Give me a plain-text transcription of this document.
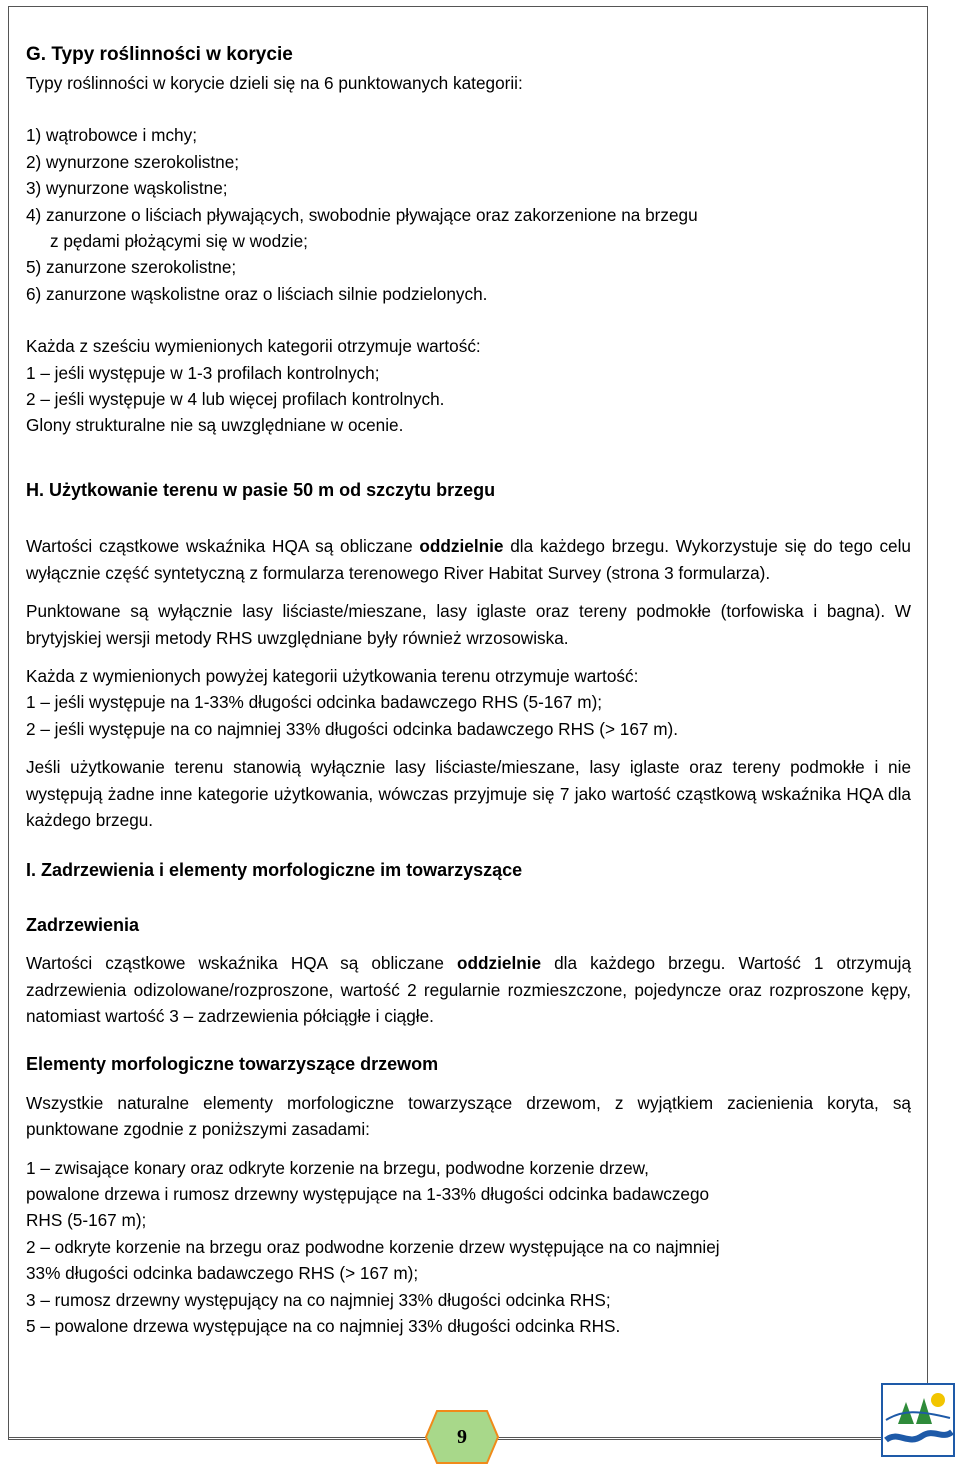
G. Typy roślinności w korycie

Typy roślinności w korycie dzieli się na 6 punktowanych kategorii:

1) wątrobowce i mchy;

2) wynurzone szerokolistne;

3) wynurzone wąskolistne;

4) zanurzone o liściach pływających, swobodnie pływające oraz zakorzenione na brzegu

z pędami płożącymi się w wodzie;

5) zanurzone szerokolistne;

6) zanurzone wąskolistne oraz o liściach silnie podzielonych.

Każda z sześciu wymienionych kategorii otrzymuje wartość:

1 – jeśli występuje w 1-3 profilach kontrolnych;

2 – jeśli występuje w 4 lub więcej profilach kontrolnych.

Glony strukturalne nie są uwzględniane w ocenie.

H. Użytkowanie terenu w pasie 50 m od szczytu brzegu

Wartości cząstkowe wskaźnika HQA są obliczane oddzielnie dla każdego brzegu. Wykorzystuje się do tego celu wyłącznie część syntetyczną z formularza terenowego River Habitat Survey (strona 3 formularza).

Punktowane są wyłącznie lasy liściaste/mieszane, lasy iglaste oraz tereny podmokłe (torfowiska i bagna). W brytyjskiej wersji metody RHS uwzględniane były również wrzosowiska.

Każda z wymienionych powyżej kategorii użytkowania terenu otrzymuje wartość:

1 – jeśli występuje na 1-33% długości odcinka badawczego RHS (5-167 m);

2 – jeśli występuje na co najmniej 33% długości odcinka badawczego RHS (> 167 m).

Jeśli użytkowanie terenu stanowią wyłącznie lasy liściaste/mieszane, lasy iglaste oraz tereny podmokłe i nie występują żadne inne kategorie użytkowania, wówczas przyjmuje się 7 jako wartość cząstkową wskaźnika HQA dla każdego brzegu.

I. Zadrzewienia i elementy morfologiczne im towarzyszące

Zadrzewienia

Wartości cząstkowe wskaźnika HQA są obliczane oddzielnie dla każdego brzegu. Wartość 1 otrzymują zadrzewienia odizolowane/rozproszone, wartość 2 regularnie rozmieszczone, pojedyncze oraz rozproszone kępy, natomiast wartość 3 – zadrzewienia półciągłe i ciągłe.

Elementy morfologiczne towarzyszące drzewom

Wszystkie naturalne elementy morfologiczne towarzyszące drzewom, z wyjątkiem zacienienia koryta, są punktowane zgodnie z poniższymi zasadami:

1 – zwisające konary oraz odkryte korzenie na brzegu, podwodne korzenie drzew,

powalone drzewa i rumosz drzewny występujące na 1-33% długości odcinka badawczego

RHS (5-167 m);

2 – odkryte korzenie na brzegu oraz podwodne korzenie drzew występujące na co najmniej

33% długości odcinka badawczego RHS (> 167 m);

3 – rumosz drzewny występujący na co najmniej 33% długości odcinka RHS;

5 – powalone drzewa występujące na co najmniej 33% długości odcinka RHS.

9
